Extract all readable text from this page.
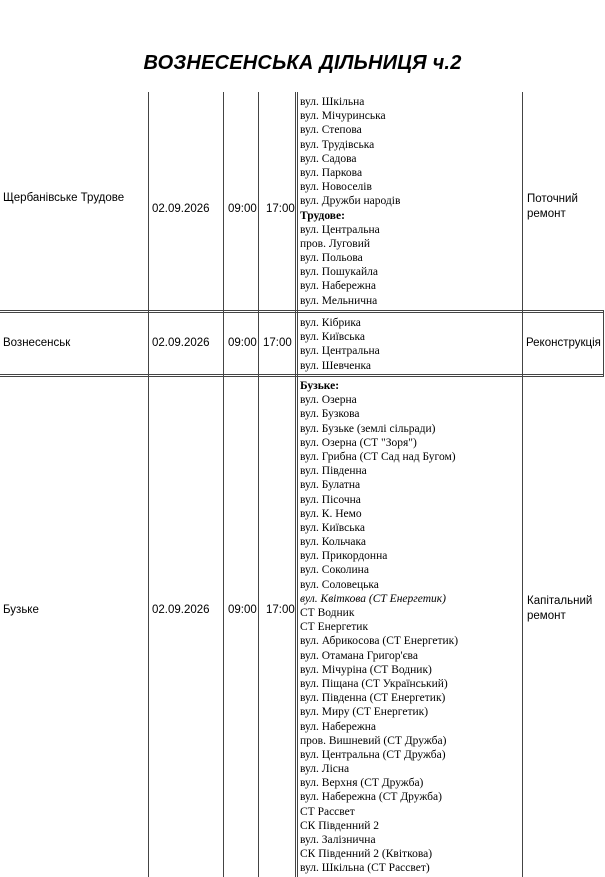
ВОЗНЕСЕНСЬКА ДІЛЬНИЦЯ ч.2
Щербанівське Трудове
02.09.2026 09:00 17:00
вул. Шкільна
вул. Мічуринська
вул. Степова
вул. Трудівська
вул. Садова
вул. Паркова
вул. Новоселів
вул. Дружби народів
Трудове:
вул. Центральна
пров. Луговий
вул. Польова
вул. Пошукайла
вул. Набережна
вул. Мельнична
Поточний ремонт
Вознесенськ	02.09.2026 09:00 17:00
вул. Кібрика
вул. Київська
вул. Центральна
вул. Шевченка
Реконструкція
Бузьке	02.09.2026 09:00 17:00
Бузьке:
вул. Озерна
вул. Бузкова
вул. Бузьке (землі сільради)
вул. Озерна (СТ "Зоря")
вул. Грибна (СТ Сад над Бугом)
вул. Південна
вул. Булатна
вул. Пісочна
вул. К. Немо
вул. Київська
вул. Кольчака
вул. Прикордонна
вул. Соколина
вул. Соловецька
вул. Квіткова (СТ Енергетик)
СТ Водник
СТ Енергетик
вул. Абрикосова (СТ Енергетик)
вул. Отамана Григор'єва
вул. Мічуріна (СТ Водник)
вул. Піщана (СТ Український)
вул. Південна (СТ Енергетик)
вул. Миру (СТ Енергетик)
вул. Набережна
пров. Вишневий (СТ Дружба)
вул. Центральна (СТ Дружба)
вул. Лісна
вул. Верхня (СТ Дружба)
вул. Набережна (СТ Дружба)
СТ Рассвет
СК Південний 2
вул. Залізнична
СК Південний 2 (Квіткова)
вул. Шкільна (СТ Рассвет)
Капітальний ремонт
